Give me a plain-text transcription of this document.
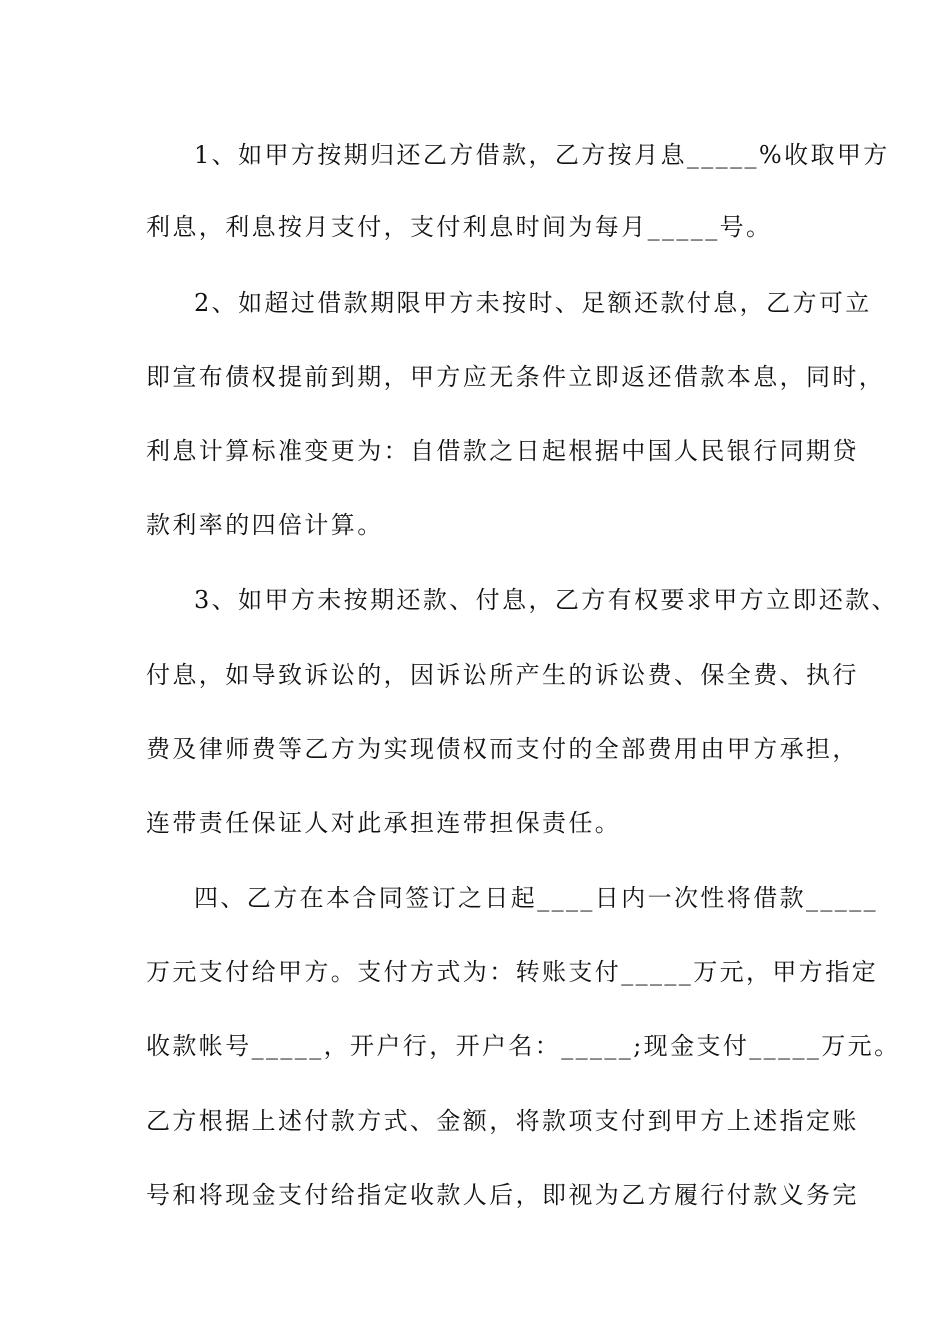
1、如甲方按期归还乙方借款，乙方按月息_____%收取甲方
利息，利息按月支付，支付利息时间为每月_____号。
2、如超过借款期限甲方未按时、足额还款付息，乙方可立
即宣布债权提前到期，甲方应无条件立即返还借款本息，同时，
利息计算标准变更为：自借款之日起根据中国人民银行同期贷
款利率的四倍计算。
3、如甲方未按期还款、付息，乙方有权要求甲方立即还款、
付息，如导致诉讼的，因诉讼所产生的诉讼费、保全费、执行
费及律师费等乙方为实现债权而支付的全部费用由甲方承担，
连带责任保证人对此承担连带担保责任。
四、乙方在本合同签订之日起____日内一次性将借款_____
万元支付给甲方。支付方式为：转账支付_____万元，甲方指定
收款帐号_____，开户行，开户名：_____;现金支付_____万元。
乙方根据上述付款方式、金额，将款项支付到甲方上述指定账
号和将现金支付给指定收款人后，即视为乙方履行付款义务完
